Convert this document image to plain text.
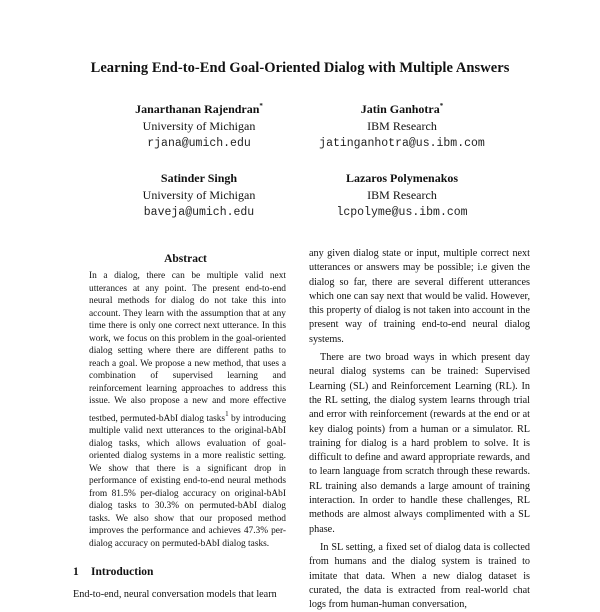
Learning End-to-End Goal-Oriented Dialog with Multiple Answers
Janarthanan Rajendran*
University of Michigan
rjana@umich.edu
Jatin Ganhotra*
IBM Research
jatinganhotra@us.ibm.com
Satinder Singh
University of Michigan
baveja@umich.edu
Lazaros Polymenakos
IBM Research
lcpolyme@us.ibm.com
Abstract
In a dialog, there can be multiple valid next utterances at any point. The present end-to-end neural methods for dialog do not take this into account. They learn with the assumption that at any time there is only one correct next utterance. In this work, we focus on this problem in the goal-oriented dialog setting where there are different paths to reach a goal. We propose a new method, that uses a combination of supervised learning and reinforcement learning approaches to address this issue. We also propose a new and more effective testbed, permuted-bAbI dialog tasks$^1$ by introducing multiple valid next utterances to the original-bAbI dialog tasks, which allows evaluation of goal-oriented dialog systems in a more realistic setting. We show that there is a significant drop in performance of existing end-to-end neural methods from 81.5% per-dialog accuracy on original-bAbI dialog tasks to 30.3% on permuted-bAbI dialog tasks. We also show that our proposed method improves the performance and achieves 47.3% per-dialog accuracy on permuted-bAbI dialog tasks.
1 Introduction
End-to-end, neural conversation models that learn

any given dialog state or input, multiple correct next utterances or answers may be possible; i.e given the dialog so far, there are several different utterances which one can say next that would be valid. However, this property of dialog is not taken into account in the present way of training end-to-end neural dialog systems.

There are two broad ways in which present day neural dialog systems can be trained: Supervised Learning (SL) and Reinforcement Learning (RL). In the RL setting, the dialog system learns through trial and error with reinforcement (rewards at the end or at key dialog points) from a human or a simulator. RL training for dialog is a hard problem to solve. It is difficult to define and award appropriate rewards, and to learn language from scratch through these rewards. RL training also demands a large amount of training interaction. In order to handle these challenges, RL methods are almost always complimented with a SL phase.

In SL setting, a fixed set of dialog data is collected from humans and the dialog system is trained to imitate that data. When a new dialog dataset is curated, the data is extracted from real-world chat logs from human-human conversation,
